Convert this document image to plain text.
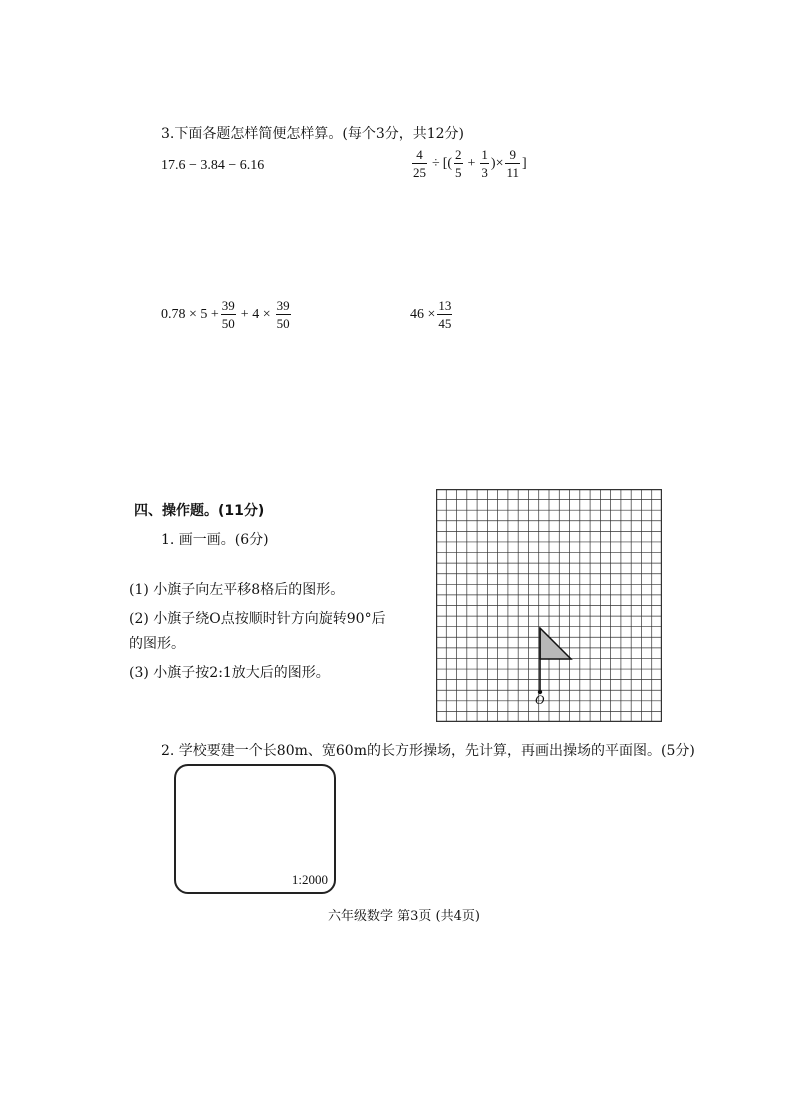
3.下面各题怎样简便怎样算。(每个3分，共12分)
17.6 − 3.84 − 6.16	$\frac{4}{25}$ ÷ [( $\frac{2}{5} + \frac{1}{3}$ )× $\frac{9}{11}$ ]
$0.78 \times 5 + \frac{39}{50} + 4 \times \frac{39}{50}$	$46 \times \frac{13}{45}$
四、操作题。(11分)
1. 画一画。(6分)
(1) 小旗子向左平移8格后的图形。
(2) 小旗子绕O点按顺时针方向旋转90°后
的图形。
(3) 小旗子按2:1放大后的图形。
O
2. 学校要建一个长80m、宽60m的长方形操场，先计算，再画出操场的平面图。(5分)
1:2000
六年级数学 第3页 (共4页)
